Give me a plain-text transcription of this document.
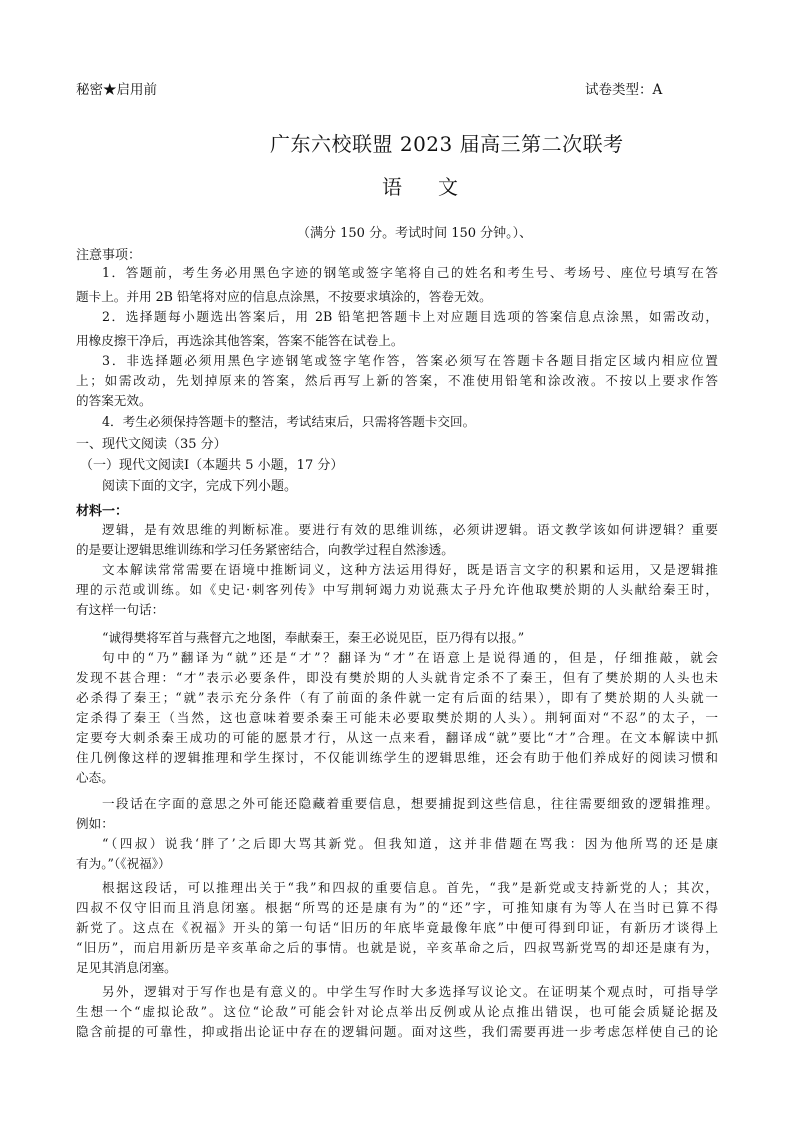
秘密★启用前	试卷类型：A
广东六校联盟 2023 届高三第二次联考
语　文
（满分 150 分。考试时间 150 分钟。）、
注意事项：
1．答题前，考生务必用黑色字迹的钢笔或签字笔将自己的姓名和考生号、考场号、座位号填写在答
题卡上。并用 2B 铅笔将对应的信息点涂黑，不按要求填涂的，答卷无效。
2．选择题每小题选出答案后，用 2B 铅笔把答题卡上对应题目选项的答案信息点涂黑，如需改动，
用橡皮擦干净后，再选涂其他答案，答案不能答在试卷上。
3．非选择题必须用黑色字迹钢笔或签字笔作答，答案必须写在答题卡各题目指定区域内相应位置
上；如需改动，先划掉原来的答案，然后再写上新的答案，不准使用铅笔和涂改液。不按以上要求作答
的答案无效。
4．考生必须保持答题卡的整洁，考试结束后，只需将答题卡交回。
一、现代文阅读（35 分）
（一）现代文阅读Ⅰ（本题共 5 小题，17 分）
阅读下面的文字，完成下列小题。
材料一：
逻辑，是有效思维的判断标准。要进行有效的思维训练，必须讲逻辑。语文教学该如何讲逻辑？重要
的是要让逻辑思维训练和学习任务紧密结合，向教学过程自然渗透。
文本解读常常需要在语境中推断词义，这种方法运用得好，既是语言文字的积累和运用，又是逻辑推
理的示范或训练。如《史记·刺客列传》中写荆轲竭力劝说燕太子丹允许他取樊於期的人头献给秦王时，
有这样一句话：
“诚得樊将军首与燕督亢之地图，奉献秦王，秦王必说见臣，臣乃得有以报。”
句中的“乃”翻译为“就”还是“才”？翻译为“才”在语意上是说得通的，但是，仔细推敲，就会
发现不甚合理：“才”表示必要条件，即没有樊於期的人头就肯定杀不了秦王，但有了樊於期的人头也未
必杀得了秦王；“就”表示充分条件（有了前面的条件就一定有后面的结果），即有了樊於期的人头就一
定杀得了秦王（当然，这也意味着要杀秦王可能未必要取樊於期的人头）。荆轲面对“不忍”的太子，一
定要夸大刺杀秦王成功的可能的愿景才行，从这一点来看，翻译成“就”要比“才”合理。在文本解读中抓
住几例像这样的逻辑推理和学生探讨，不仅能训练学生的逻辑思维，还会有助于他们养成好的阅读习惯和
心态。
一段话在字面的意思之外可能还隐藏着重要信息，想要捕捉到这些信息，往往需要细致的逻辑推理。
例如：
“（四叔）说我‘胖了’之后即大骂其新党。但我知道，这并非借题在骂我：因为他所骂的还是康
有为。”（《祝福》）
根据这段话，可以推理出关于“我”和四叔的重要信息。首先，“我”是新党或支持新党的人；其次，
四叔不仅守旧而且消息闭塞。根据“所骂的还是康有为”的“还”字，可推知康有为等人在当时已算不得
新党了。这点在《祝福》开头的第一句话“旧历的年底毕竟最像年底”中便可得到印证，有新历才谈得上
“旧历”，而启用新历是辛亥革命之后的事情。也就是说，辛亥革命之后，四叔骂新党骂的却还是康有为，
足见其消息闭塞。
另外，逻辑对于写作也是有意义的。中学生写作时大多选择写议论文。在证明某个观点时，可指导学
生想一个“虚拟论敌”。这位“论敌”可能会针对论点举出反例或从论点推出错误，也可能会质疑论据及
隐含前提的可靠性，抑或指出论证中存在的逻辑问题。面对这些，我们需要再进一步考虑怎样使自己的论
